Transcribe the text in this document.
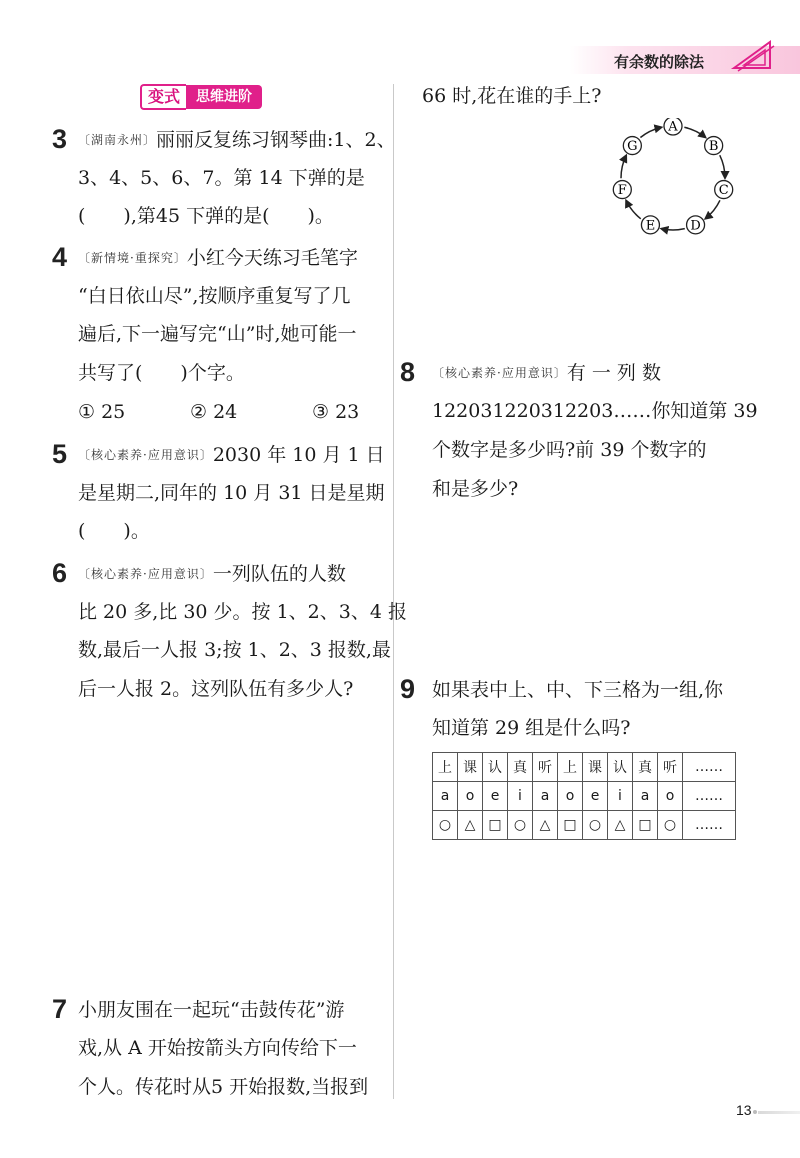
有余数的除法
变式	思维进阶
3 〔湖南永州〕丽丽反复练习钢琴曲:1、2、
3、4、5、6、7。第 14 下弹的是
(　　),第45 下弹的是(　　)。
4 〔新情境·重探究〕小红今天练习毛笔字
“白日依山尽”,按顺序重复写了几
遍后,下一遍写完“山”时,她可能一
共写了(　　)个字。
① 25	② 24	③ 23
5 〔核心素养·应用意识〕2030 年 10 月 1 日
是星期二,同年的 10 月 31 日是星期
(　　)。
6 〔核心素养·应用意识〕一列队伍的人数
比 20 多,比 30 少。按 1、2、3、4 报
数,最后一人报 3;按 1、2、3 报数,最
后一人报 2。这列队伍有多少人?
7 小朋友围在一起玩“击鼓传花”游
戏,从 A 开始按箭头方向传给下一
个人。传花时从5 开始报数,当报到
66 时,花在谁的手上?
A
B
C
D
E
F
G
8 〔核心素养·应用意识〕有 一 列 数
122031220312203……你知道第 39
个数字是多少吗?前 39 个数字的
和是多少?
9 如果表中上、中、下三格为一组,你
知道第 29 组是什么吗?
上	课	认	真	听	上	课	认	真	听	……
a	o	e	i	a	o	e	i	a	o	……
○	△	□	○	△	□	○	△	□	○	……
13
